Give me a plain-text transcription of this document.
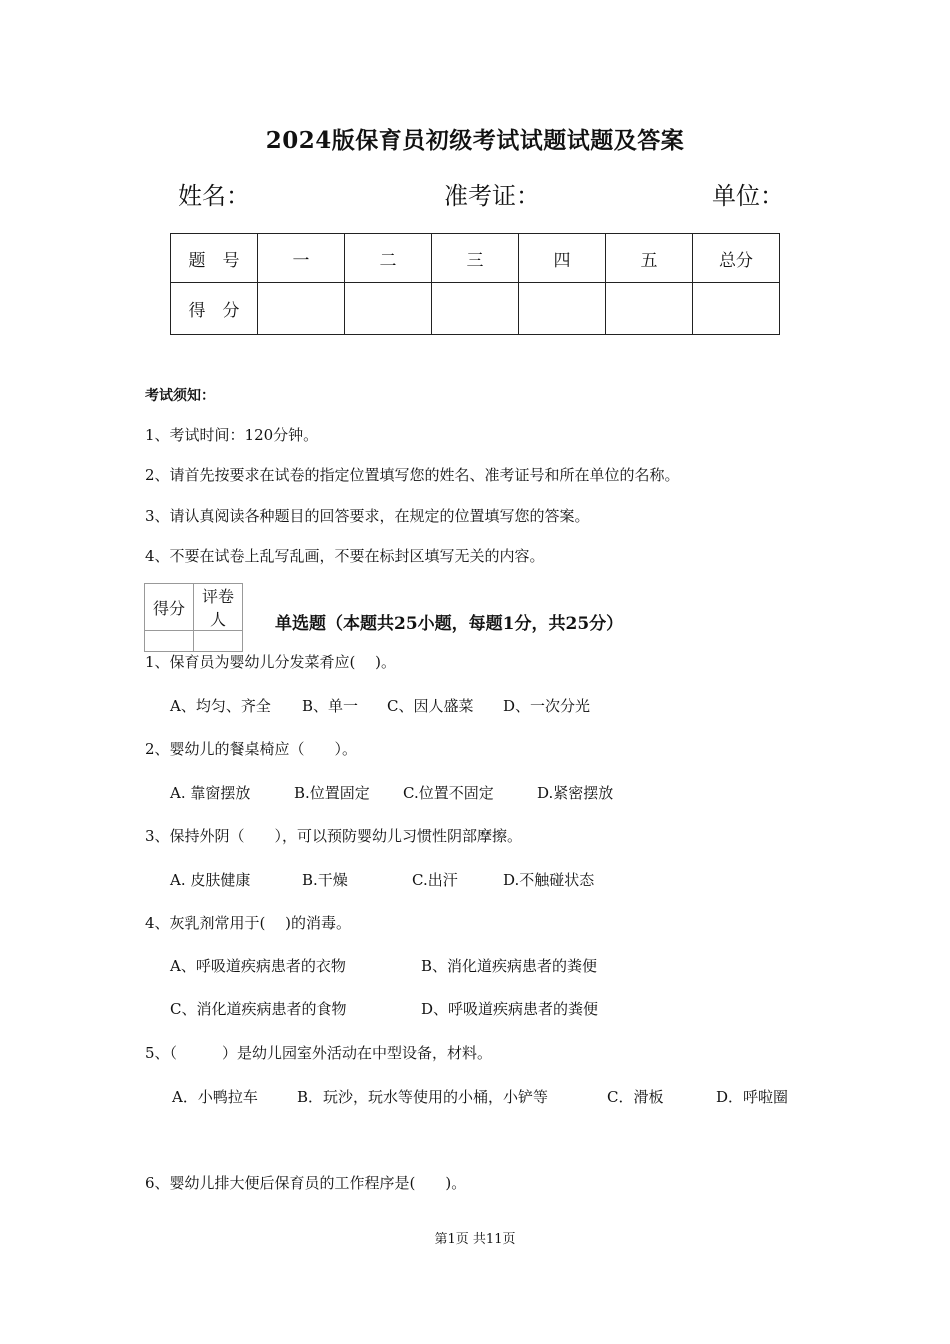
2024版保育员初级考试试题试题及答案
姓名：	准考证：	单位：
题　号	一	二	三	四	五	总分
得　分						
考试须知：
1、考试时间：120分钟。
2、请首先按要求在试卷的指定位置填写您的姓名、准考证号和所在单位的名称。
3、请认真阅读各种题目的回答要求，在规定的位置填写您的答案。
4、不要在试卷上乱写乱画，不要在标封区填写无关的内容。
得分	评卷人
		单选题（本题共25小题，每题1分，共25分）
1、保育员为婴幼儿分发菜肴应(　 )。
A、均匀、齐全 B、单一 C、因人盛菜 D、一次分光
2、婴幼儿的餐桌椅应（　　）。
A. 靠窗摆放	B.位置固定 C.位置不固定	D.紧密摆放
3、保持外阴（　　），可以预防婴幼儿习惯性阴部摩擦。
A. 皮肤健康	B.干燥	C.出汗	D.不触碰状态
4、灰乳剂常用于(　 )的消毒。
A、呼吸道疾病患者的衣物	B、消化道疾病患者的粪便
C、消化道疾病患者的食物	D、呼吸道疾病患者的粪便
5、（　　　）是幼儿园室外活动在中型设备，材料。
A．小鸭拉车	B．玩沙，玩水等使用的小桶，小铲等	C．滑板	D．呼啦圈
6、婴幼儿排大便后保育员的工作程序是(　　)。
第1页 共11页
